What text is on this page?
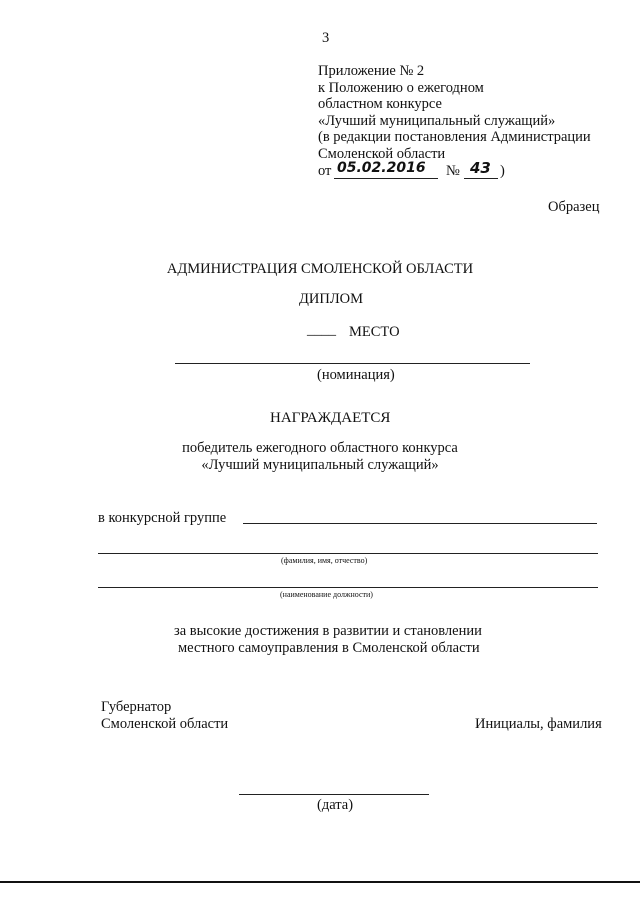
3
Приложение № 2
к Положению о ежегодном
областном конкурсе
«Лучший муниципальный служащий»
(в редакции постановления Администрации
Смоленской области
от 05.02.2016 № 43 )
Образец
АДМИНИСТРАЦИЯ СМОЛЕНСКОЙ ОБЛАСТИ
ДИПЛОМ
____ МЕСТО
(номинация)
НАГРАЖДАЕТСЯ
победитель ежегодного областного конкурса
«Лучший муниципальный служащий»
в конкурсной группе
(фамилия, имя, отчество)
(наименование должности)
за высокие достижения в развитии и становлении
местного самоуправления в Смоленской области
Губернатор
Смоленской области	Инициалы, фамилия
(дата)
